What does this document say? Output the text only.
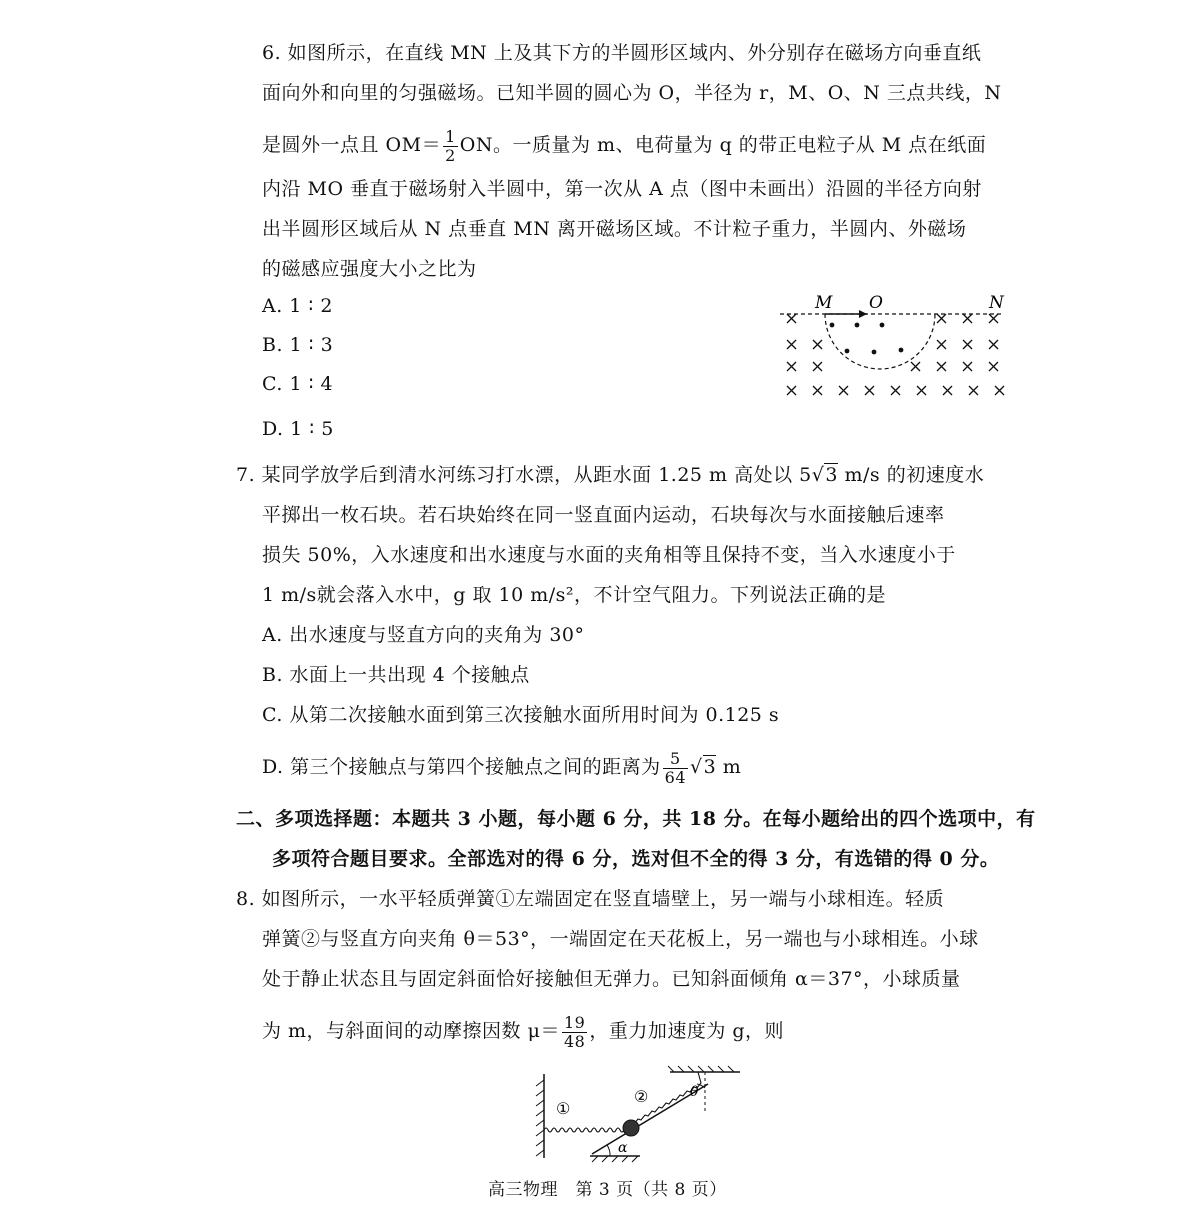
6. 如图所示，在直线 MN 上及其下方的半圆形区域内、外分别存在磁场方向垂直纸
面向外和向里的匀强磁场。已知半圆的圆心为 O，半径为 r，M、O、N 三点共线，N
是圆外一点且 $OM= \frac{1}{2}$ ON。一质量为 m、电荷量为 q 的带正电粒子从 M 点在纸面
内沿 MO 垂直于磁场射入半圆中，第一次从 A 点（图中未画出）沿圆的半径方向射
出半圆形区域后从 N 点垂直 MN 离开磁场区域。不计粒子重力，半圆内、外磁场
的磁感应强度大小之比为
A. 1 ∶ 2
B. 1 ∶ 3
C. 1 ∶ 4
D. 1 ∶ 5
M O	N
7. 某同学放学后到清水河练习打水漂，从距水面 1.25 m 高处以 5√3 m/s 的初速度水
平掷出一枚石块。若石块始终在同一竖直面内运动，石块每次与水面接触后速率
损失 50%，入水速度和出水速度与水面的夹角相等且保持不变，当入水速度小于
1 m/s就会落入水中，g 取 10 m/s²，不计空气阻力。下列说法正确的是
A. 出水速度与竖直方向的夹角为 30°
B. 水面上一共出现 4 个接触点
C. 从第二次接触水面到第三次接触水面所用时间为 0.125 s
D. 第三个接触点与第四个接触点之间的距离为 $\frac{5}{64} √3$ m
二、多项选择题：本题共 3 小题，每小题 6 分，共 18 分。在每小题给出的四个选项中，有
多项符合题目要求。全部选对的得 6 分，选对但不全的得 3 分，有选错的得 0 分。
8. 如图所示，一水平轻质弹簧①左端固定在竖直墙壁上，另一端与小球相连。轻质
弹簧②与竖直方向夹角 θ＝53°，一端固定在天花板上，另一端也与小球相连。小球
处于静止状态且与固定斜面恰好接触但无弹力。已知斜面倾角 α＝37°，小球质量
为 m，与斜面间的动摩擦因数 $\mu= \frac{19}{48}$ ，重力加速度为 g，则
①
②	θ
α
高三物理　第 3 页（共 8 页）
